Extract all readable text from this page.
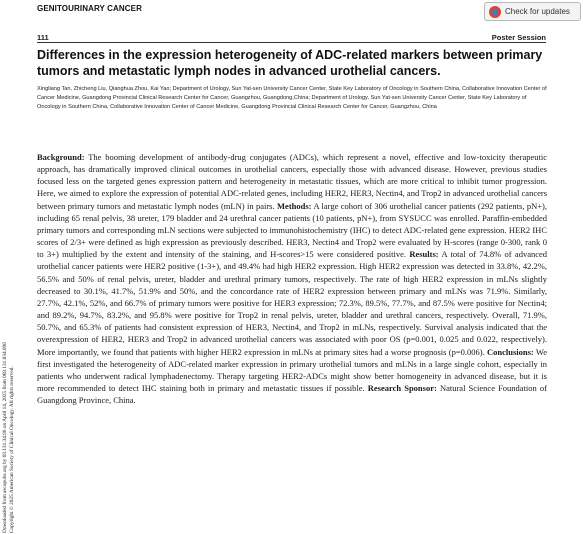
GENITOURINARY CANCER	Check for updates
111	Poster Session
Differences in the expression heterogeneity of ADC-related markers between primary tumors and metastatic lymph nodes in advanced urothelial cancers.

Xingliang Tan, Zhicheng Liu, Qianghua Zhou, Kai Yao; Department of Urology, Sun Yat-sen University Cancer Center, State Key Laboratory of Oncology in Southern China, Collaborative Innovation Center of Cancer Medicine, Guangdong Provincial Clinical Research Center for Cancer, Guangzhou, Guangdong,China; Department of Urology, Sun Yat-sen University Cancer Center, State Key Laboratory of Oncology in Southern China, Collaborative Innovation Center of Cancer Medicine, Guangdong Provincial Clinical Research Center for Cancer, Guangzhou, China

Background: The booming development of antibody-drug conjugates (ADCs), which represent a novel, effective and low-toxicity therapeutic approach, has dramatically improved clinical outcomes in urothelial cancers, especially those with advanced disease. However, previous studies focused less on the targeted genes expression pattern and heterogeneity in metastatic tissues, which are more critical to inhibit tumor progression. Here, we aimed to explore the expression of potential ADC-related genes, including HER2, HER3, Nectin4, and Trop2 in advanced urothelial cancers between primary tumors and metastatic lymph nodes (mLN) in pairs. Methods: A large cohort of 306 urothelial cancer patients (292 patients, pN+), including 65 renal pelvis, 38 ureter, 179 bladder and 24 urethral cancer patients (10 patients, pN+), from SYSUCC was enrolled. Paraffin-embedded primary tumors and corresponding mLN sections were subjected to immunohistochemistry (IHC) to detect ADC-related gene expression. HER2 IHC scores of 2/3+ were defined as high expression as previously described. HER3, Nectin4 and Trop2 were evaluated by H-scores (range 0-300, rank 0 to 3+) multiplied by the extent and intensity of the staining, and H-scores>15 were considered positive. Results: A total of 74.8% of advanced urothelial cancer patients were HER2 positive (1-3+), and 49.4% had high HER2 expression. High HER2 expression was detected in 33.8%, 42.2%, 56.5% and 50% of renal pelvis, ureter, bladder and urethral primary tumors, respectively. The rate of high HER2 expression in mLNs slightly decreased to 30.1%, 41.7%, 51.9% and 50%, and the concordance rate of HER2 expression between primary and mLNs was 71.9%. Similarly, 27.7%, 42.1%, 52%, and 66.7% of primary tumors were positive for HER3 expression; 72.3%, 89.5%, 77.7%, and 87.5% were positive for Nectin4; and 89.2%, 94.7%, 83.2%, and 95.8% were positive for Trop2 in renal pelvis, ureter, bladder and urethral cancers, respectively. Overall, 71.9%, 50.7%, and 65.3% of patients had consistent expression of HER3, Nectin4, and Trop2 in mLNs, respectively. Survival analysis indicated that the overexpression of HER2, HER3 and Trop2 in advanced urothelial cancers was associated with poor OS (p=0.001, 0.025 and 0.022, respectively). More importantly, we found that patients with higher HER2 expression in mLNs at primary sites had a worse prognosis (p=0.006). Conclusions: We first investigated the heterogeneity of ADC-related marker expression in primary urothelial tumors and mLNs in a large single cohort, especially in patients who underwent radical lymphadenectomy. Therapy targeting HER2-ADCs might show better homogeneity in advanced disease, but it is more recommended to detect IHC staining both in primary and metastatic tissues if possible. Research Sponsor: Natural Science Foundation of Guangdong Province, China.

Downloaded from ascopubs.org by 69.131.34.96 on April 14, 2025 from 069.131.034.096 Copyright © 2025 American Society of Clinical Oncology. All rights reserved.
